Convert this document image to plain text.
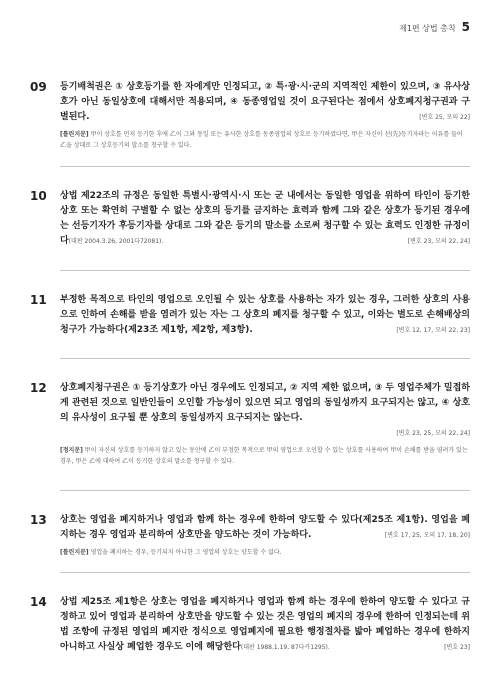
제1편 상법 총칙 5
09 등기배척권은 ① 상호등기를 한 자에게만 인정되고, ② 특·광·시·군의 지역적인 제한이 있으며, ③ 유사상호가 아닌 동일상호에 대해서만 적용되며, ④ 동종영업일 것이 요구된다는 점에서 상호폐지청구권과 구별된다.	[변호 25, 모의 22]

[틀린지문] 甲이 상호를 먼저 등기한 후에 乙이 그와 동일 또는 유사한 상호를 동종영업의 상호로 등기하였다면, 甲은 자신이 선(先)등기자라는 이유를 들어 乙을 상대로 그 상호등기의 말소를 청구할 수 있다.

10 상법 제22조의 규정은 동일한 특별시·광역시·시 또는 군 내에서는 동일한 영업을 위하여 타인이 등기한 상호 또는 확연히 구별할 수 없는 상호의 등기를 금지하는 효력과 함께 그와 같은 상호가 등기된 경우에는 선등기자가 후등기자를 상대로 그와 같은 등기의 말소를 소로써 청구할 수 있는 효력도 인정한 규정이다(대판 2004.3.26, 2001다72081).	[변호 23, 모의 22, 24]

11 부정한 목적으로 타인의 영업으로 오인될 수 있는 상호를 사용하는 자가 있는 경우, 그러한 상호의 사용으로 인하여 손해를 받을 염려가 있는 자는 그 상호의 폐지를 청구할 수 있고, 이와는 별도로 손해배상의 청구가 가능하다(제23조 제1항, 제2항, 제3항).	[변호 12, 17, 모의 22, 23]

12 상호폐지청구권은 ① 등기상호가 아닌 경우에도 인정되고, ② 지역 제한 없으며, ③ 두 영업주체가 밀접하게 관련된 것으로 일반인들이 오인할 가능성이 있으면 되고 영업의 동일성까지 요구되지는 않고, ④ 상호의 유사성이 요구될 뿐 상호의 동일성까지 요구되지는 않는다.
[변호 23, 25, 모의 22, 24]

[정지문] 甲이 자신의 상호를 등기하지 않고 있는 동안에 乙이 부정한 목적으로 甲의 영업으로 오인할 수 있는 상호를 사용하여 甲이 손해를 받을 염려가 있는 경우, 甲은 乙에 대하여 乙이 등기한 상호의 말소를 청구할 수 있다.

13 상호는 영업을 폐지하거나 영업과 함께 하는 경우에 한하여 양도할 수 있다(제25조 제1항). 영업을 폐지하는 경우 영업과 분리하여 상호만을 양도하는 것이 가능하다.	[변호 17, 25, 모의 17, 18, 20]

[틀린지문] 영업을 폐지하는 경우, 등기되지 아니한 그 영업의 상호는 양도할 수 없다.

14 상법 제25조 제1항은 상호는 영업을 폐지하거나 영업과 함께 하는 경우에 한하여 양도할 수 있다고 규정하고 있어 영업과 분리하여 상호만을 양도할 수 있는 것은 영업의 폐지의 경우에 한하여 인정되는데 위 법 조항에 규정된 영업의 폐지란 정식으로 영업폐지에 필요한 행정절차를 밟아 폐업하는 경우에 한하지 아니하고 사실상 폐업한 경우도 이에 해당한다(대판 1988.1.19, 87다카1295).	[변호 23]
